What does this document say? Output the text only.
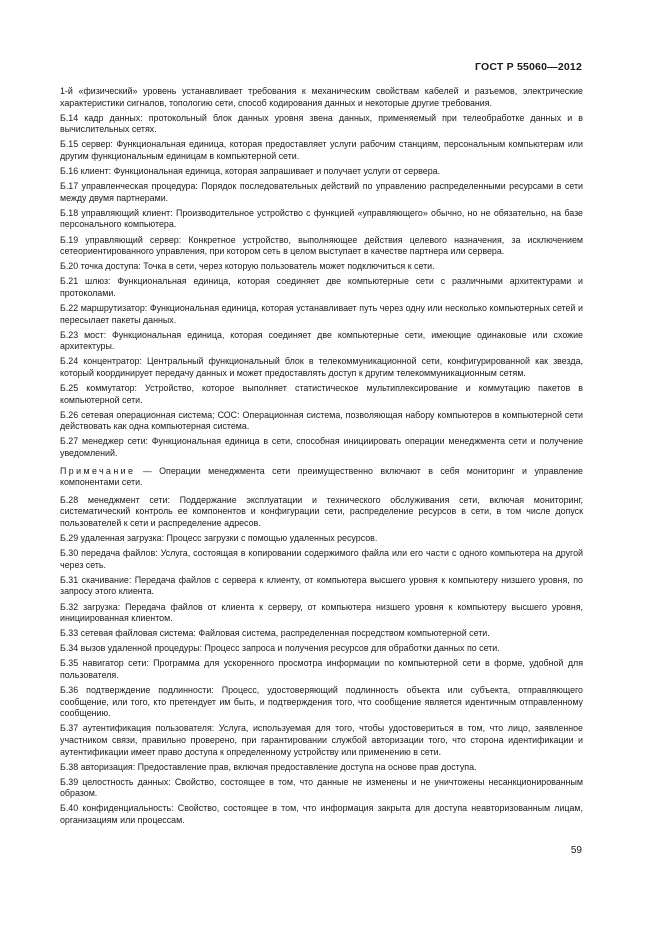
ГОСТ Р 55060—2012

1-й «физический» уровень устанавливает требования к механическим свойствам кабелей и разъемов, электрические характеристики сигналов, топологию сети, способ кодирования данных и некоторые другие требования.

Б.14 кадр данных: протокольный блок данных уровня звена данных, применяемый при телеобработке данных и в вычислительных сетях.

Б.15 сервер: Функциональная единица, которая предоставляет услуги рабочим станциям, персональным компьютерам или другим функциональным единицам в компьютерной сети.

Б.16 клиент: Функциональная единица, которая запрашивает и получает услуги от сервера.

Б.17 управленческая процедура: Порядок последовательных действий по управлению распределенными ресурсами в сети между двумя партнерами.

Б.18 управляющий клиент: Производительное устройство с функцией «управляющего» обычно, но не обязательно, на базе персонального компьютера.

Б.19 управляющий сервер: Конкретное устройство, выполняющее действия целевого назначения, за исключением сетеориентированного управления, при котором сеть в целом выступает в качестве партнера или сервера.

Б.20 точка доступа: Точка в сети, через которую пользователь может подключиться к сети.

Б.21 шлюз: Функциональная единица, которая соединяет две компьютерные сети с различными архитектурами и протоколами.

Б.22 маршрутизатор: Функциональная единица, которая устанавливает путь через одну или несколько компьютерных сетей и пересылает пакеты данных.

Б.23 мост: Функциональная единица, которая соединяет две компьютерные сети, имеющие одинаковые или схожие архитектуры.

Б.24 концентратор: Центральный функциональный блок в телекоммуникационной сети, конфигурированной как звезда, который координирует передачу данных и может предоставлять доступ к другим телекоммуникационным сетям.

Б.25 коммутатор: Устройство, которое выполняет статистическое мультиплексирование и коммутацию пакетов в компьютерной сети.

Б.26 сетевая операционная система; СОС: Операционная система, позволяющая набору компьютеров в компьютерной сети действовать как одна компьютерная система.

Б.27 менеджер сети: Функциональная единица в сети, способная инициировать операции менеджмента сети и получение уведомлений.

Примечание — Операции менеджмента сети преимущественно включают в себя мониторинг и управление компонентами сети.

Б.28 менеджмент сети: Поддержание эксплуатации и технического обслуживания сети, включая мониторинг, систематический контроль ее компонентов и конфигурации сети, распределение ресурсов в сети, в том числе допуск пользователей к сети и распределение адресов.

Б.29 удаленная загрузка: Процесс загрузки с помощью удаленных ресурсов.

Б.30 передача файлов: Услуга, состоящая в копировании содержимого файла или его части с одного компьютера на другой через сеть.

Б.31 скачивание: Передача файлов с сервера к клиенту, от компьютера высшего уровня к компьютеру низшего уровня, по запросу этого клиента.

Б.32 загрузка: Передача файлов от клиента к серверу, от компьютера низшего уровня к компьютеру высшего уровня, инициированная клиентом.

Б.33 сетевая файловая система: Файловая система, распределенная посредством компьютерной сети.

Б.34 вызов удаленной процедуры: Процесс запроса и получения ресурсов для обработки данных по сети.

Б.35 навигатор сети: Программа для ускоренного просмотра информации по компьютерной сети в форме, удобной для пользователя.

Б.36 подтверждение подлинности: Процесс, удостоверяющий подлинность объекта или субъекта, отправляющего сообщение, или того, кто претендует им быть, и подтверждения того, что сообщение является идентичным отправленному сообщению.

Б.37 аутентификация пользователя: Услуга, используемая для того, чтобы удостовериться в том, что лицо, заявленное участником связи, правильно проверено, при гарантировании службой авторизации того, что сторона идентификации и аутентификации имеет право доступа к определенному устройству или применению в сети.

Б.38 авторизация: Предоставление прав, включая предоставление доступа на основе прав доступа.

Б.39 целостность данных: Свойство, состоящее в том, что данные не изменены и не уничтожены несанкционированным образом.

Б.40 конфиденциальность: Свойство, состоящее в том, что информация закрыта для доступа неавторизованным лицам, организациям или процессам.

59
